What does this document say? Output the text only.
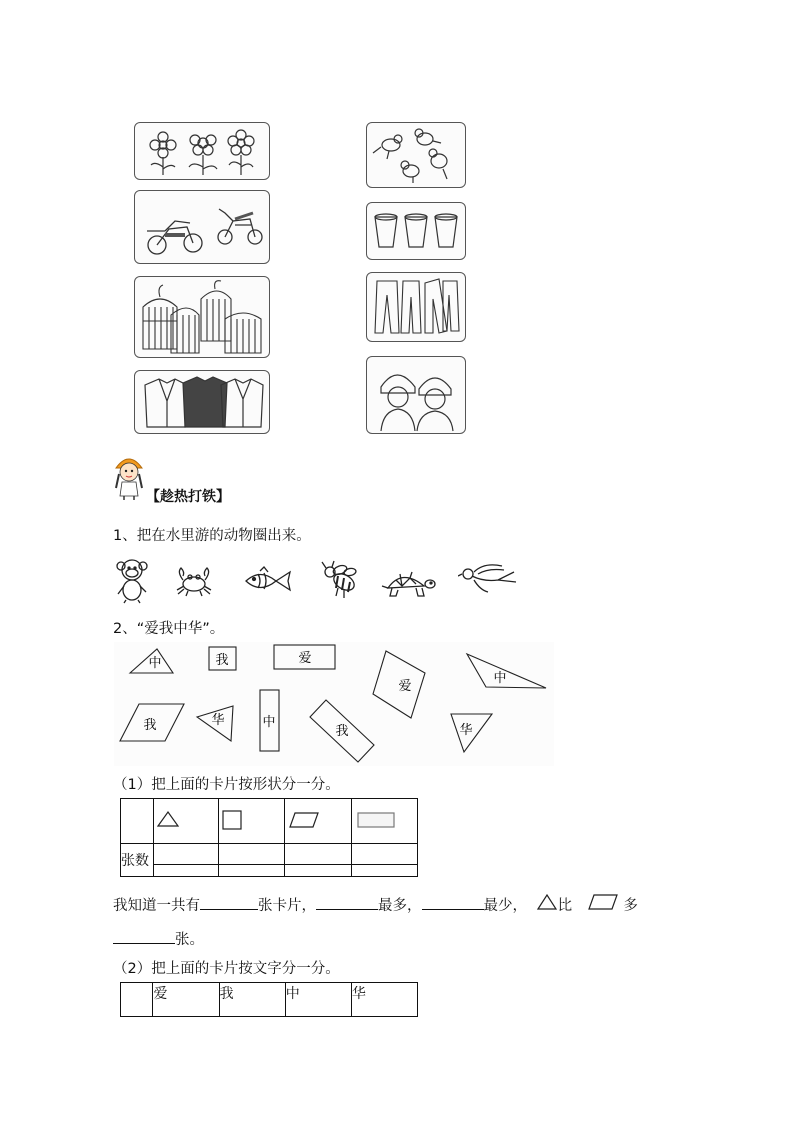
【趁热打铁】
1、把在水里游的动物圈出来。
2、“爱我中华”。
中	我	爱
爱
中
我	华	中
我	华
（1）把上面的卡片按形状分一分。

张数	

我知道一共有	张卡片，	最多，	最少， 比	多
张。
（2）把上面的卡片按文字分一分。
	爱	我	中	华
